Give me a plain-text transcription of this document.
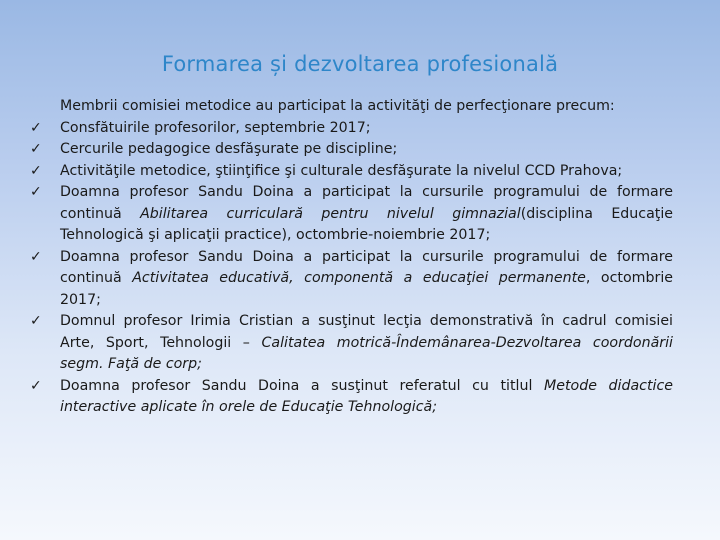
Formarea și dezvoltarea profesională
Membrii comisiei metodice au participat la activităţi de perfecţionare precum:
✓	Consfătuirile profesorilor, septembrie 2017;
✓	Cercurile pedagogice desfăşurate pe discipline;
✓	Activităţile metodice, ştiinţifice şi culturale desfăşurate la nivelul CCD Prahova;
✓	Doamna profesor Sandu Doina a participat la cursurile programului de formare continuă Abilitarea curriculară pentru nivelul gimnazial(disciplina Educaţie Tehnologică şi aplicaţii practice), octombrie-noiembrie 2017;
✓	Doamna profesor Sandu Doina a participat la cursurile programului de formare continuă Activitatea educativă, componentă a educaţiei permanente, octombrie 2017;
✓	Domnul profesor Irimia Cristian a susţinut lecţia demonstrativă în cadrul comisiei Arte, Sport, Tehnologii – Calitatea motrică-Îndemânarea-Dezvoltarea coordonării segm. Faţă de corp;
✓	Doamna profesor Sandu Doina a susţinut referatul cu titlul Metode didactice interactive aplicate în orele de Educaţie Tehnologică;
